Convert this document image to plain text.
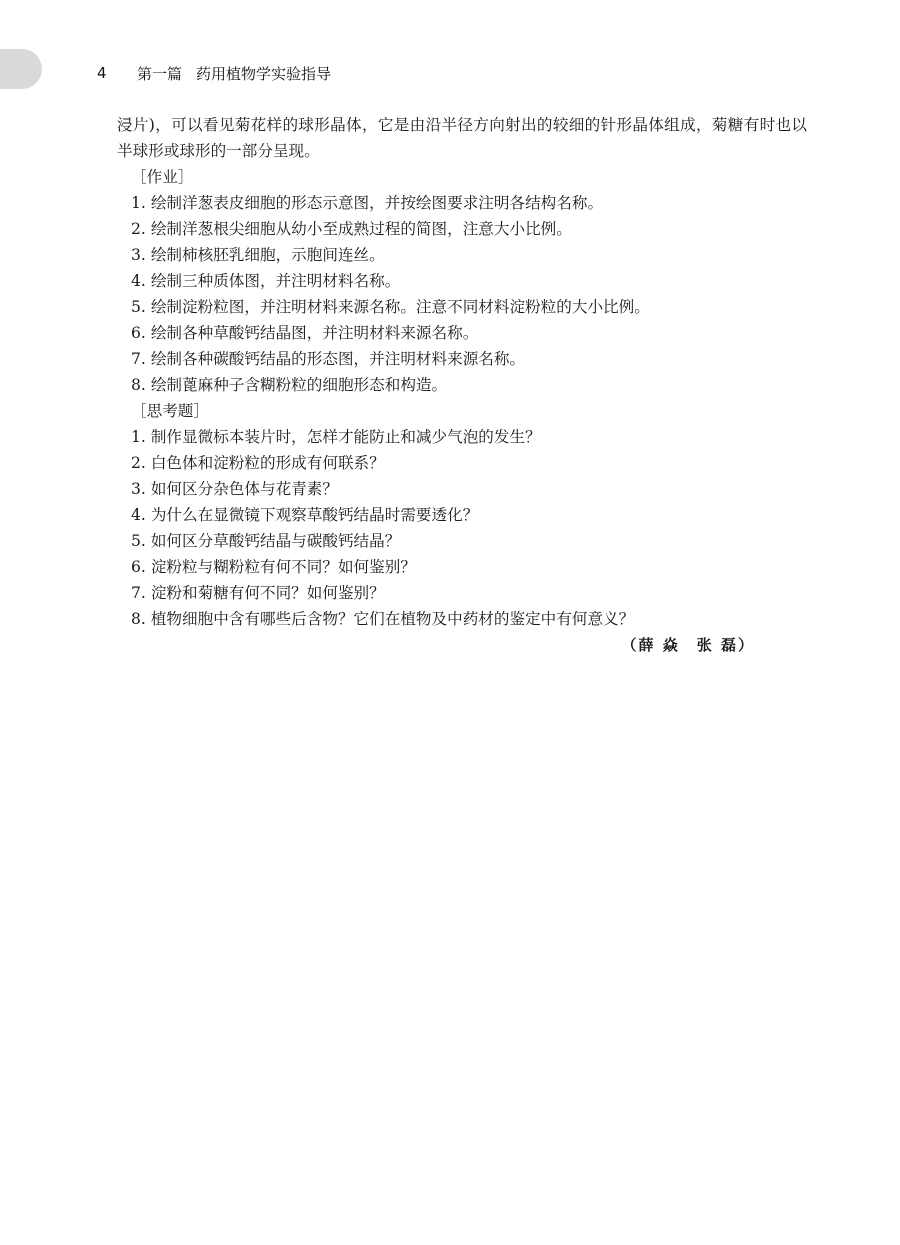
4	第一篇 药用植物学实验指导

浸片)，可以看见菊花样的球形晶体，它是由沿半径方向射出的较细的针形晶体组成，菊糖有时也以半球形或球形的一部分呈现。

［作业］
1. 绘制洋葱表皮细胞的形态示意图，并按绘图要求注明各结构名称。
2. 绘制洋葱根尖细胞从幼小至成熟过程的简图，注意大小比例。
3. 绘制柿核胚乳细胞，示胞间连丝。
4. 绘制三种质体图，并注明材料名称。
5. 绘制淀粉粒图，并注明材料来源名称。注意不同材料淀粉粒的大小比例。
6. 绘制各种草酸钙结晶图，并注明材料来源名称。
7. 绘制各种碳酸钙结晶的形态图，并注明材料来源名称。
8. 绘制蓖麻种子含糊粉粒的细胞形态和构造。
［思考题］
1. 制作显微标本装片时，怎样才能防止和减少气泡的发生？
2. 白色体和淀粉粒的形成有何联系？
3. 如何区分杂色体与花青素？
4. 为什么在显微镜下观察草酸钙结晶时需要透化？
5. 如何区分草酸钙结晶与碳酸钙结晶？
6. 淀粉粒与糊粉粒有何不同？如何鉴别？
7. 淀粉和菊糖有何不同？如何鉴别？
8. 植物细胞中含有哪些后含物？它们在植物及中药材的鉴定中有何意义？
（薛 焱　张 磊）
